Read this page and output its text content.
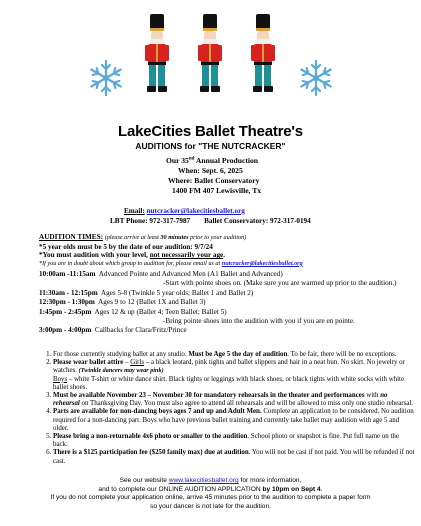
LakeCities Ballet Theatre's
AUDITIONS for "THE NUTCRACKER"
Our 35nd Annual Production
When: Sept. 6, 2025
Where: Ballet Conservatory
1400 FM 407 Lewisville, Tx
Email: nutcracker@lakecitiesballet.org
LBT Phone: 972-317-7987 Ballet Conservatory: 972-317-0194
AUDITION TIMES: (please arrive at least 30 minutes prior to your audition)
*5 year olds must be 5 by the date of our audition: 9/7/24
*You must audition with your level, not necessarily your age.
*If you are in doubt about which group to audition for, please email us at nutcracker@lakecitiesballet.org
10:00am -11:15am Advanced Pointe and Advanced Men (A1 Ballet and Advanced)
-Start with pointe shoes on. (Make sure you are warmed up prior to the audition.)
11:30am - 12:15pm Ages 5-8 (Twinkle 5 year olds; Ballet 1 and Ballet 2)
12:30pm - 1:30pm Ages 9 to 12 (Ballet 1X and Ballet 3)
1:45pm - 2:45pm Ages 12 & up (Ballet 4; Teen Ballet; Ballet 5)
-Bring pointe shoes into the audition with you if you are en pointe.
3:00pm - 4:00pm Callbacks for Clara/Fritz/Prince
1. For those currently studying ballet at any studio. Must be Age 5 the day of audition. To be fair, there will be no exceptions.
2. Please wear ballet attire – Girls – a black leotard, pink tights and ballet slippers and hair in a neat bun. No skirt. No jewelry or watches. (Twinkle dancers may wear pink)
Boys – white T-shirt or white dance shirt. Black tights or leggings with black shoes, or black tights with white socks with white ballet shoes.
3. Must be available November 23 – November 30 for mandatory rehearsals in the theater and performances with no rehearsal on Thanksgiving Day. You must also agree to attend all rehearsals and will be allowed to miss only one studio rehearsal.
4. Parts are available for non-dancing boys ages 7 and up and Adult Men. Complete an application to be considered. No audition required for a non-dancing part. Boys who have previous ballet training and currently take ballet may audition with age 5 and older.
5. Please bring a non-returnable 4x6 photo or smaller to the audition. School photo or snapshot is fine. Put full name on the back.
6. There is a $125 participation fee ($250 family max) due at audition. You will not be cast if not paid. You will be refunded if not cast.
See our website www.lakecitiesballet.org for more information,
and to complete our ONLINE AUDITION APPLICATION by 10pm on Sept 4.
If you do not complete your application online, arrive 45 minutes prior to the audition to complete a paper form
so your dancer is not late for the audition.
